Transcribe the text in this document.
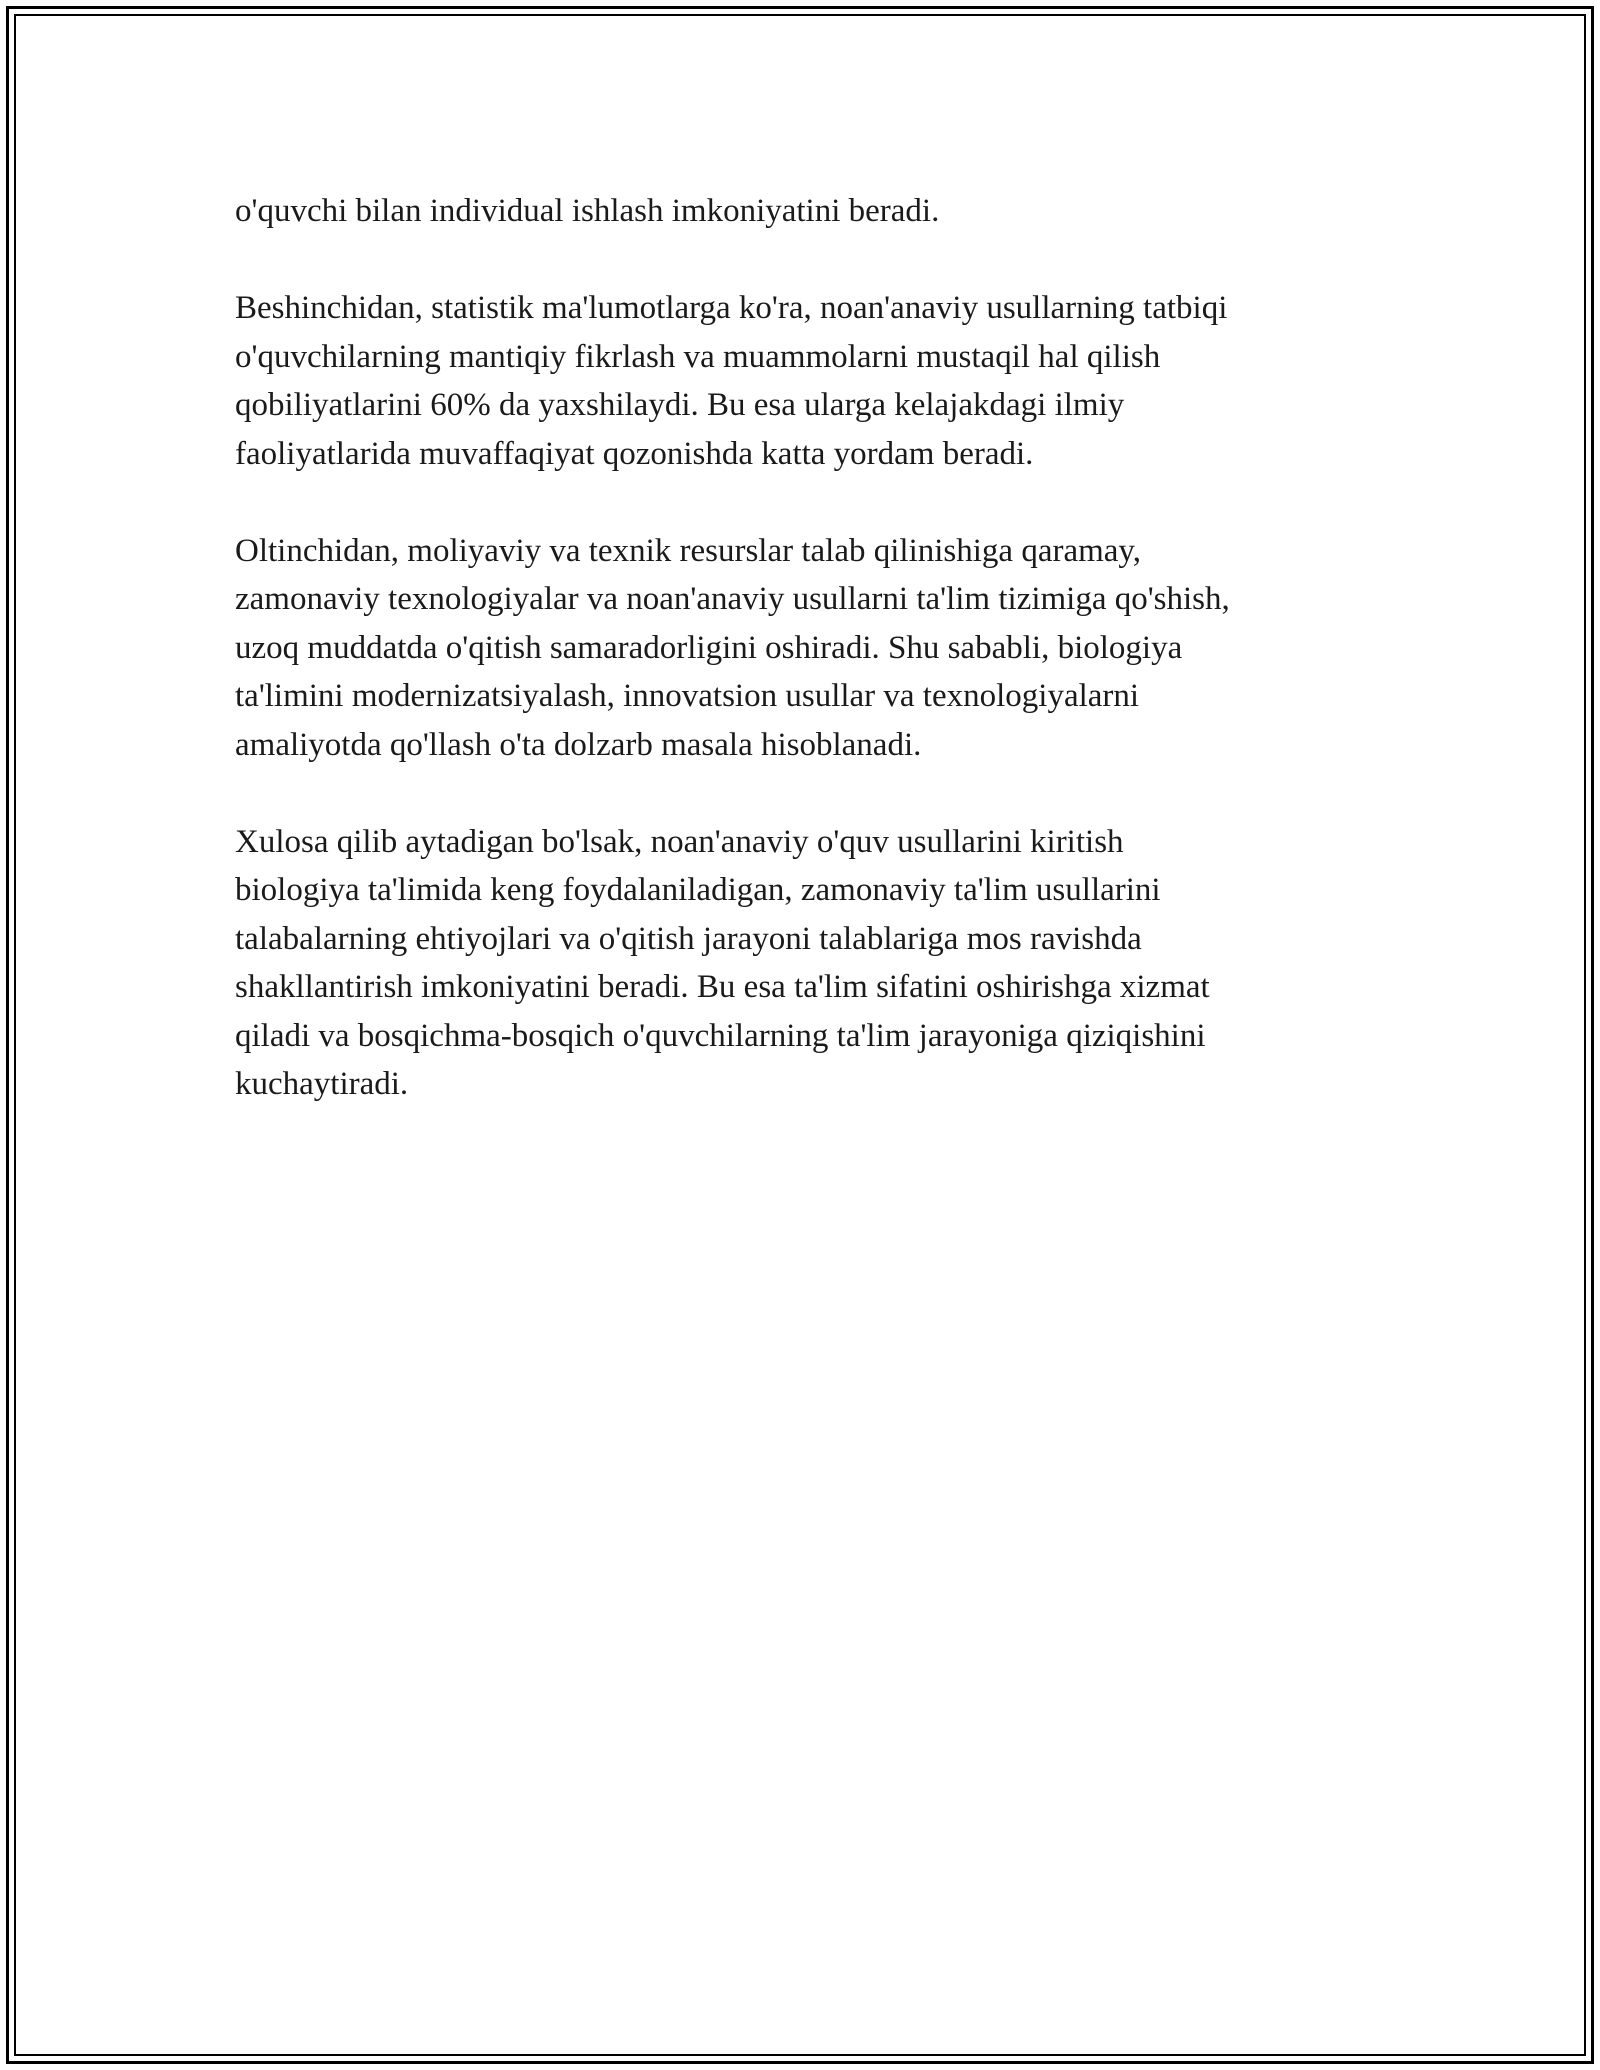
o'quvchi bilan individual ishlash imkoniyatini beradi.

Beshinchidan, statistik ma'lumotlarga ko'ra, noan'anaviy usullarning tatbiqi
o'quvchilarning mantiqiy fikrlash va muammolarni mustaqil hal qilish
qobiliyatlarini 60% da yaxshilaydi. Bu esa ularga kelajakdagi ilmiy
faoliyatlarida muvaffaqiyat qozonishda katta yordam beradi.

Oltinchidan, moliyaviy va texnik resurslar talab qilinishiga qaramay,
zamonaviy texnologiyalar va noan'anaviy usullarni ta'lim tizimiga qo'shish,
uzoq muddatda o'qitish samaradorligini oshiradi. Shu sababli, biologiya
ta'limini modernizatsiyalash, innovatsion usullar va texnologiyalarni
amaliyotda qo'llash o'ta dolzarb masala hisoblanadi.

Xulosa qilib aytadigan bo'lsak, noan'anaviy o'quv usullarini kiritish
biologiya ta'limida keng foydalaniladigan, zamonaviy ta'lim usullarini
talabalarning ehtiyojlari va o'qitish jarayoni talablariga mos ravishda
shakllantirish imkoniyatini beradi. Bu esa ta'lim sifatini oshirishga xizmat
qiladi va bosqichma-bosqich o'quvchilarning ta'lim jarayoniga qiziqishini
kuchaytiradi.
